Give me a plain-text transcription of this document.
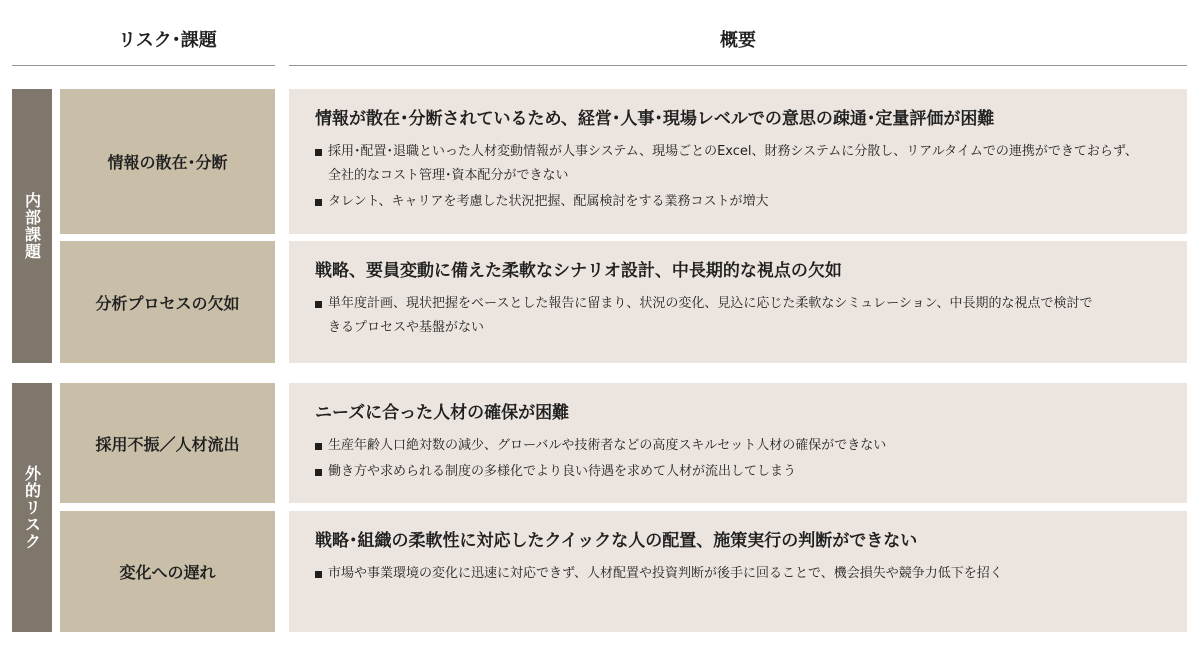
リスク･課題	概要
内部課題
情報の散在･分断
情報が散在･分断されているため、経営･人事･現場レベルでの意思の疎通･定量評価が困難
採用･配置･退職といった人材変動情報が人事システム、現場ごとのExcel、財務システムに分散し、リアルタイムでの連携ができておらず、全社的なコスト管理･資本配分ができない
タレント、キャリアを考慮した状況把握、配属検討をする業務コストが増大
分析プロセスの欠如
戦略、要員変動に備えた柔軟なシナリオ設計、中長期的な視点の欠如
単年度計画、現状把握をベースとした報告に留まり、状況の変化、見込に応じた柔軟なシミュレーション、中長期的な視点で検討できるプロセスや基盤がない
外的リスク
採用不振／人材流出
ニーズに合った人材の確保が困難
生産年齢人口絶対数の減少、グローバルや技術者などの高度スキルセット人材の確保ができない
働き方や求められる制度の多様化でより良い待遇を求めて人材が流出してしまう
変化への遅れ
戦略･組織の柔軟性に対応したクイックな人の配置、施策実行の判断ができない
市場や事業環境の変化に迅速に対応できず、人材配置や投資判断が後手に回ることで、機会損失や競争力低下を招く
